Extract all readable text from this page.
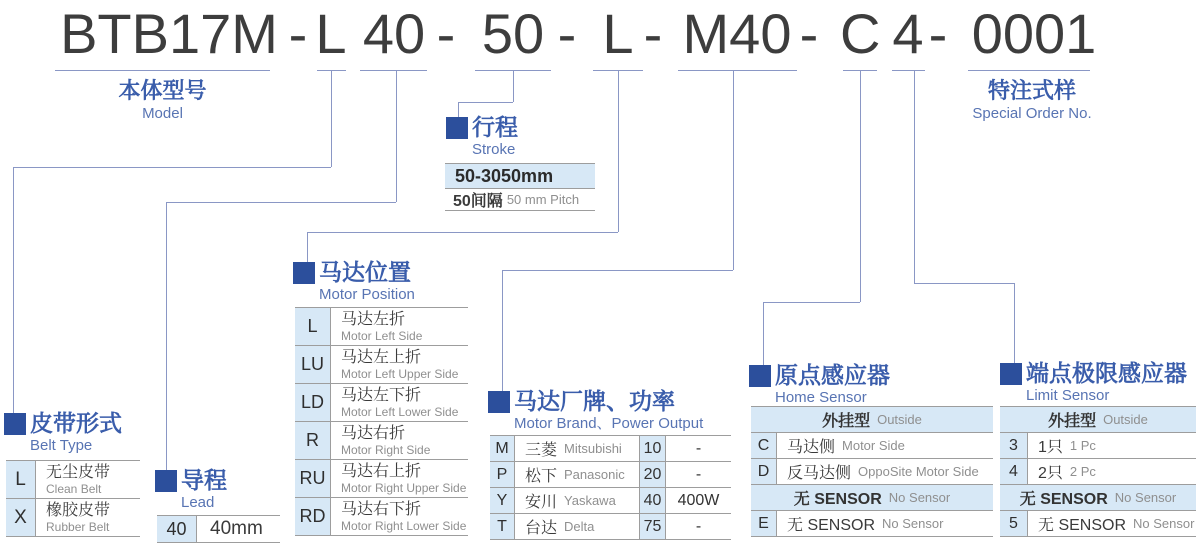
BTB17M - L 40 - 50 - L - M40 - C 4 - 0001
本体型号
Model
特注式样
Special Order No.
行程
Stroke
50-3050mm
50间隔 50 mm Pitch
皮带形式
Belt Type
L	无尘皮带
Clean Belt
X	橡胶皮带
Rubber Belt
导程
Lead
40	40mm
马达位置
Motor Position
L	马达左折
Motor Left Side
LU	马达左上折
Motor Left Upper Side
LD	马达左下折
Motor Left Lower Side
R	马达右折
Motor Right Side
RU 马达右上折
Motor Right Upper Side
RD 马达右下折
Motor Right Lower Side
马达厂牌、功率
Motor Brand、Power Output
M	三菱 Mitsubishi 10	-
P	松下 Panasonic 20	-
Y	安川 Yaskawa 40	400W
T	台达 Delta	75	-
原点感应器
Home Sensor
外挂型 Outside
C	马达侧 Motor Side
D	反马达侧 OppoSite Motor Side
无 SENSOR No Sensor
E	无 SENSOR No Sensor
端点极限感应器
Limit Sensor
外挂型 Outside
3	1只 1 Pc
4	2只 2 Pc
无 SENSOR No Sensor
5	无 SENSOR No Sensor
